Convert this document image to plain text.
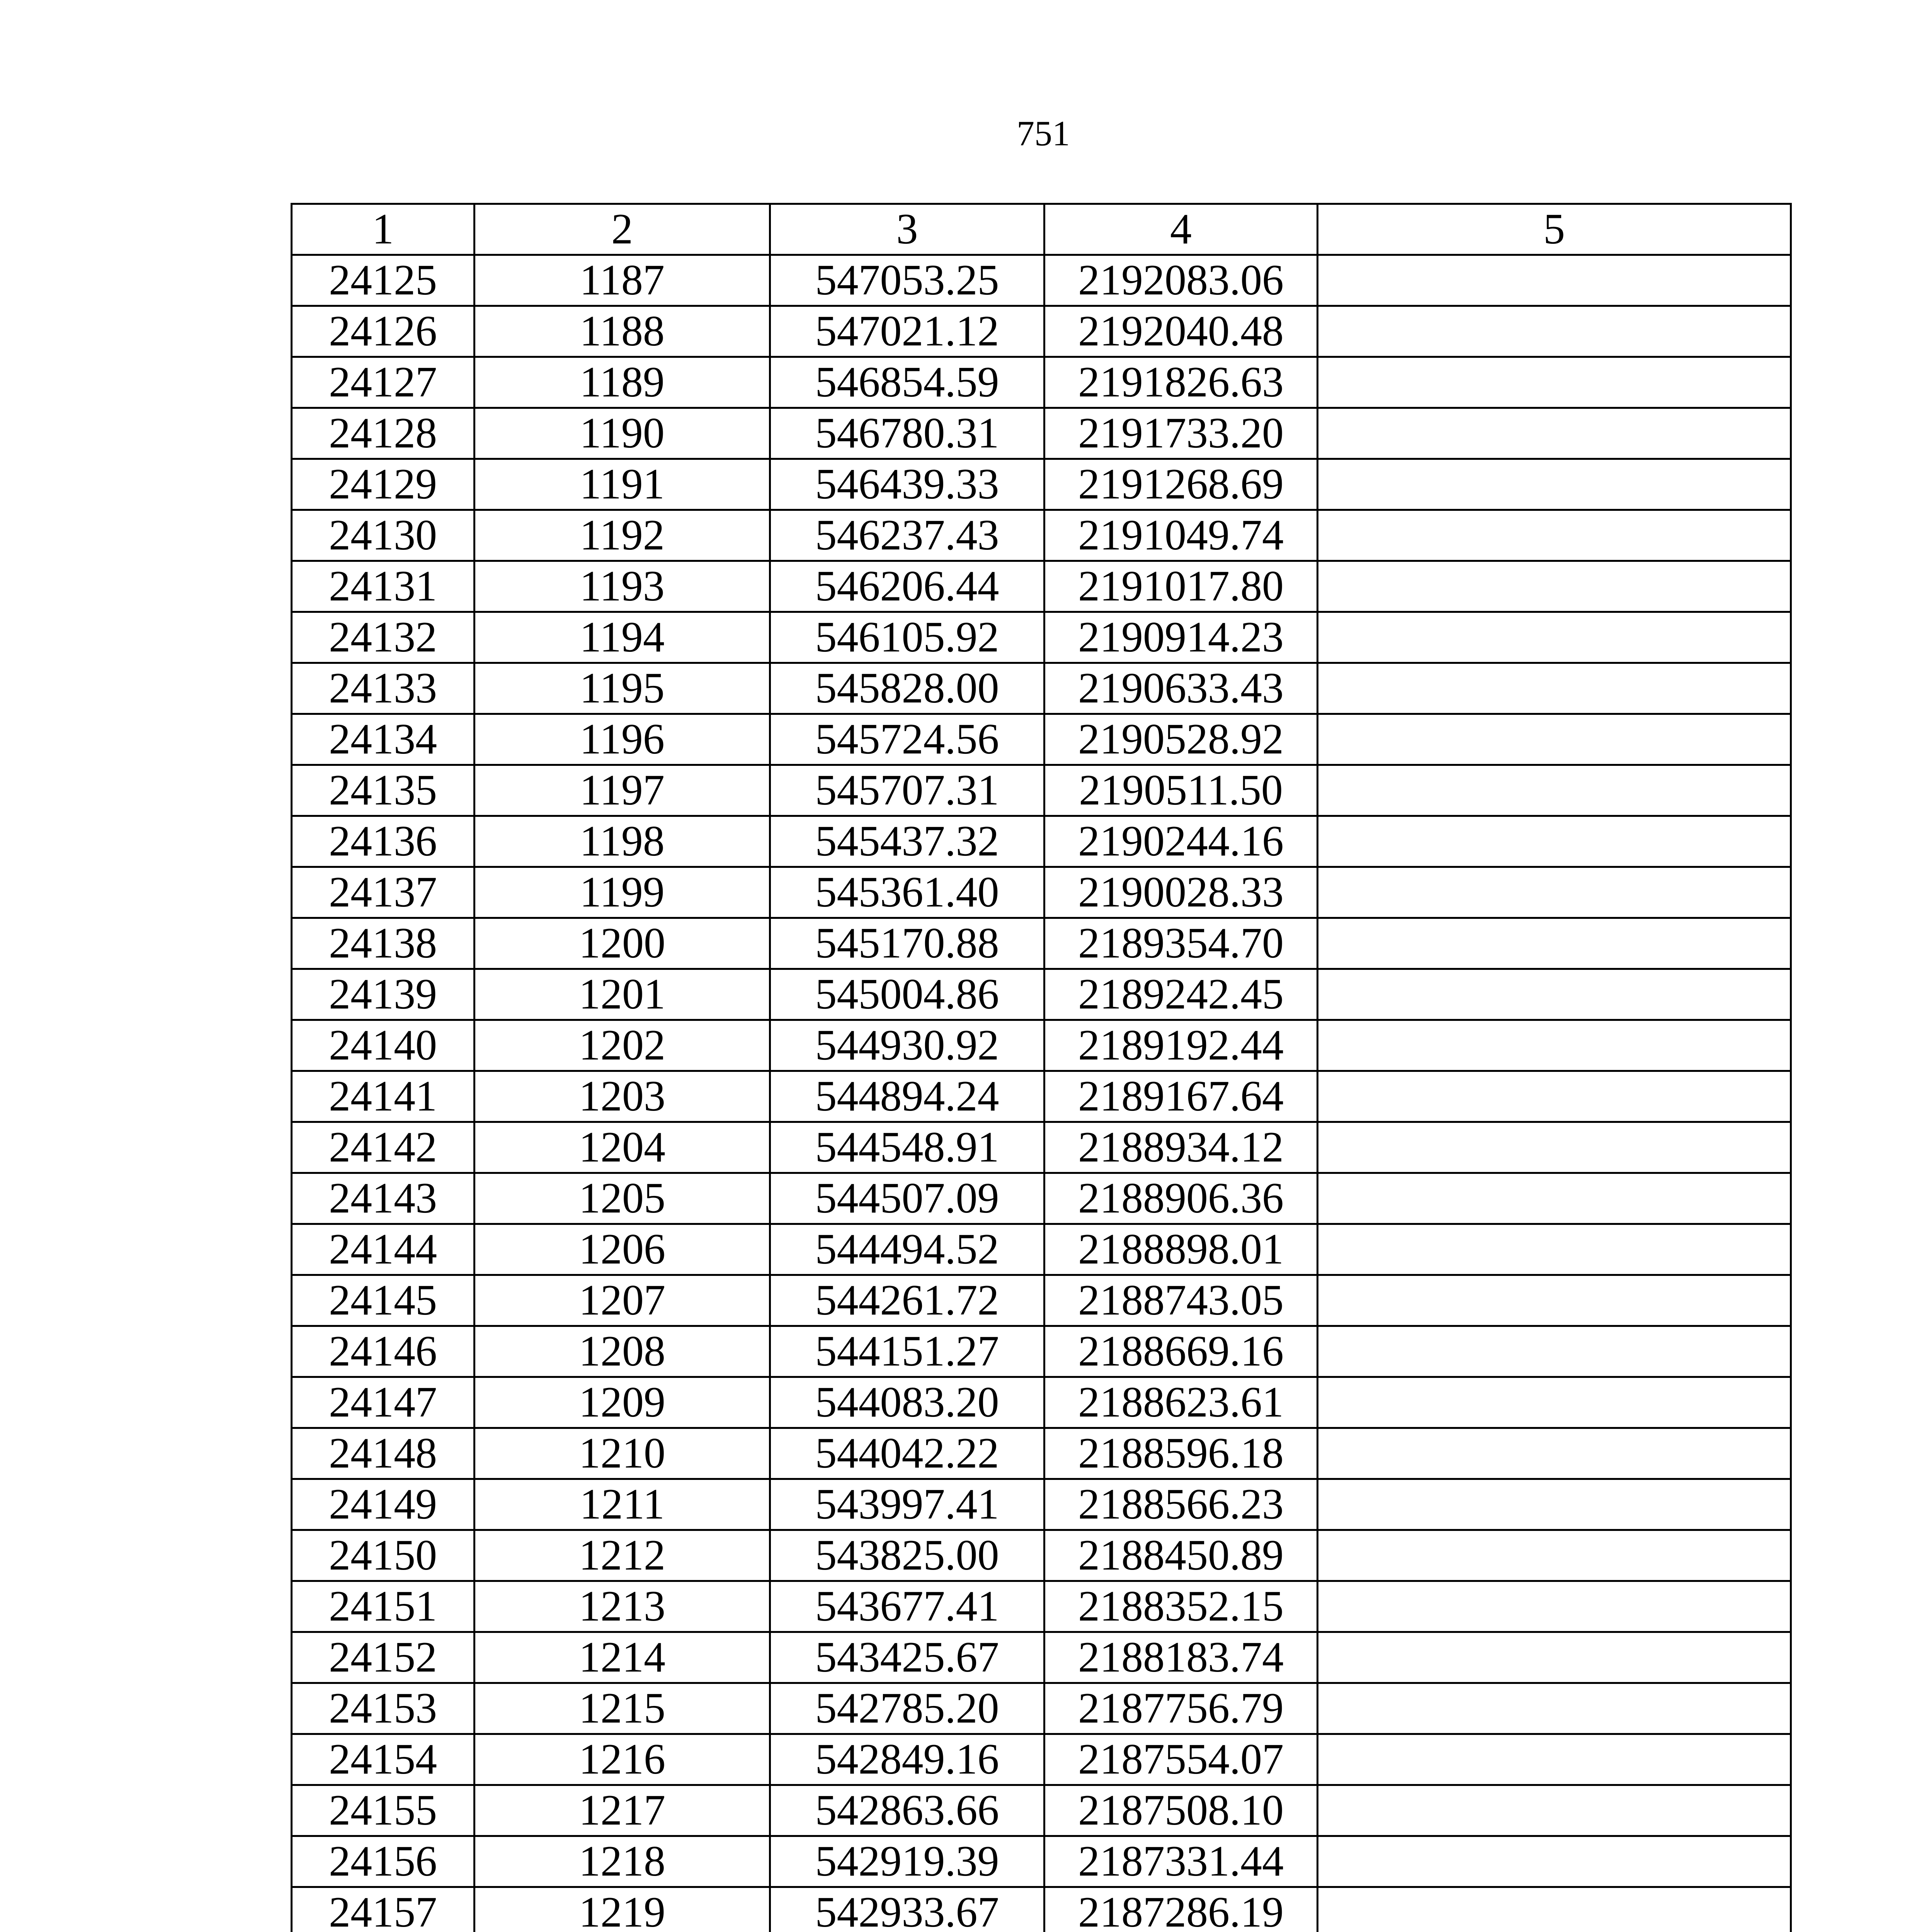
751
1	2	3	4	5
24125	1187	547053.25	2192083.06	
24126	1188	547021.12	2192040.48	
24127	1189	546854.59	2191826.63	
24128	1190	546780.31	2191733.20	
24129	1191	546439.33	2191268.69	
24130	1192	546237.43	2191049.74	
24131	1193	546206.44	2191017.80	
24132	1194	546105.92	2190914.23	
24133	1195	545828.00	2190633.43	
24134	1196	545724.56	2190528.92	
24135	1197	545707.31	2190511.50	
24136	1198	545437.32	2190244.16	
24137	1199	545361.40	2190028.33	
24138	1200	545170.88	2189354.70	
24139	1201	545004.86	2189242.45	
24140	1202	544930.92	2189192.44	
24141	1203	544894.24	2189167.64	
24142	1204	544548.91	2188934.12	
24143	1205	544507.09	2188906.36	
24144	1206	544494.52	2188898.01	
24145	1207	544261.72	2188743.05	
24146	1208	544151.27	2188669.16	
24147	1209	544083.20	2188623.61	
24148	1210	544042.22	2188596.18	
24149	1211	543997.41	2188566.23	
24150	1212	543825.00	2188450.89	
24151	1213	543677.41	2188352.15	
24152	1214	543425.67	2188183.74	
24153	1215	542785.20	2187756.79	
24154	1216	542849.16	2187554.07	
24155	1217	542863.66	2187508.10	
24156	1218	542919.39	2187331.44	
24157	1219	542933.67	2187286.19	
